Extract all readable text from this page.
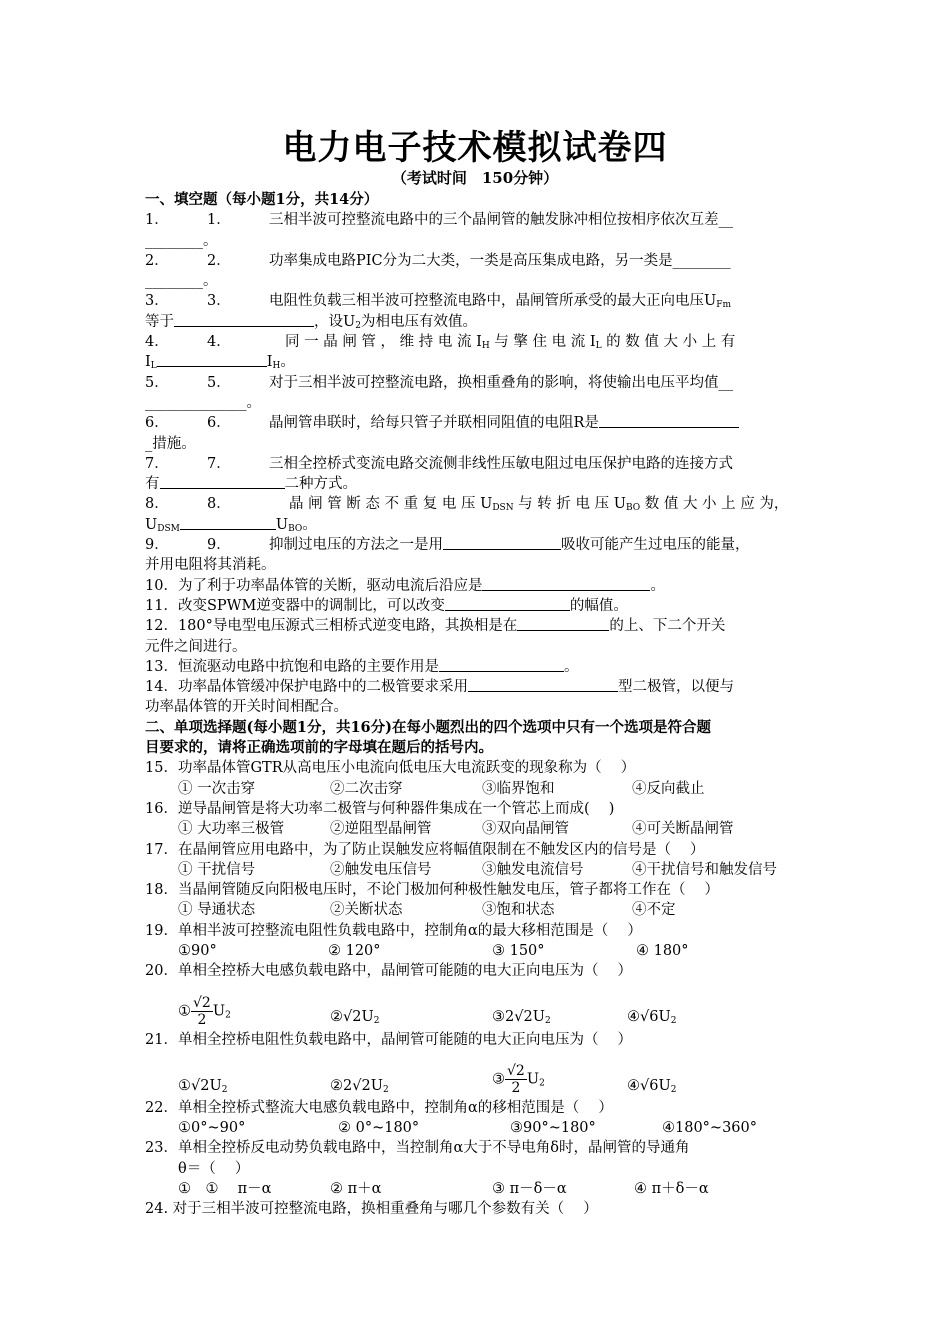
电力电子技术模拟试卷四
（考试时间　150分钟）
一、填空题（每小题1分，共14分）
1．	1．	三相半波可控整流电路中的三个晶闸管的触发脉冲相位按相序依次互差__
________。
2．	2．	功率集成电路PIC分为二大类，一类是高压集成电路，另一类是________
________。
3．	3．	电阻性负载三相半波可控整流电路中，晶闸管所承受的最大正向电压$U_{Fm}$
等于	，设$U_2$为相电压有效值。
4．	4．	同 一 晶 闸 管 ， 维 持 电 流 $I_H$ 与 擎 住 电 流 $I_L$ 的 数 值 大 小 上 有
$I_L$	$I_H$。
5．	5．	对于三相半波可控整流电路，换相重叠角的影响，将使输出电压平均值__
______________。
6．	6．	晶闸管串联时，给每只管子并联相同阻值的电阻R是
_措施。
7．	7．	三相全控桥式变流电路交流侧非线性压敏电阻过电压保护电路的连接方式
有	二种方式。
8．	8．	晶 闸 管 断 态 不 重 复 电 压 $U_{DSN}$ 与 转 折 电 压 $U_{BO}$ 数 值 大 小 上 应 为，
$U_{DSM}$	$U_{BO}$。
9．	9．	抑制过电压的方法之一是用	吸收可能产生过电压的能量，
并用电阻将其消耗。
10．为了利于功率晶体管的关断，驱动电流后沿应是	。
11．改变SPWM逆变器中的调制比，可以改变	的幅值。
12．180°导电型电压源式三相桥式逆变电路，其换相是在	的上、下二个开关
元件之间进行。
13．恒流驱动电路中抗饱和电路的主要作用是	。
14．功率晶体管缓冲保护电路中的二极管要求采用	型二极管，以便与
功率晶体管的开关时间相配合。
二、单项选择题(每小题1分，共16分)在每小题烈出的四个选项中只有一个选项是符合题
目要求的，请将正确选项前的字母填在题后的括号内。
15．功率晶体管GTR从高电压小电流向低电压大电流跃变的现象称为（　 ）
① 一次击穿	②二次击穿	③临界饱和	④反向截止
16．逆导晶闸管是将大功率二极管与何种器件集成在一个管芯上而成(　 )
① 大功率三极管	②逆阻型晶闸管	③双向晶闸管	④可关断晶闸管
17．在晶闸管应用电路中，为了防止误触发应将幅值限制在不触发区内的信号是（　 ）
① 干扰信号	②触发电压信号	③触发电流信号	④干扰信号和触发信号
18．当晶闸管随反向阳极电压时，不论门极加何种极性触发电压，管子都将工作在（　 ）
① 导通状态	②关断状态	③饱和状态	④不定
19．单相半波可控整流电阻性负载电路中，控制角α的最大移相范围是（　 ）
①90°	② 120°	③ 150°	④ 180°
20．单相全控桥大电感负载电路中，晶闸管可能随的电大正向电压为（　 ）
① $\frac{√2}{2} U_2$	$②√2U_2$	$③2√2U_2$	$④√6U_2$
21．单相全控桥电阻性负载电路中，晶闸管可能随的电大正向电压为（　 ）
$①√2U_2$	$②2√2U_2$
③ $\frac{√2}{2} U_2$	$④√6U_2$
22．单相全控桥式整流大电感负载电路中，控制角α的移相范围是（　 ）
①0°~90°	② 0°~180°	③90°~180°	④180°~360°
23．单相全控桥反电动势负载电路中，当控制角α大于不导电角δ时，晶闸管的导通角
θ＝（　 ）
①　①　 π－α	② π＋α	③ π－δ－α	④ π＋δ－α
24. 对于三相半波可控整流电路，换相重叠角与哪几个参数有关（　 ）
